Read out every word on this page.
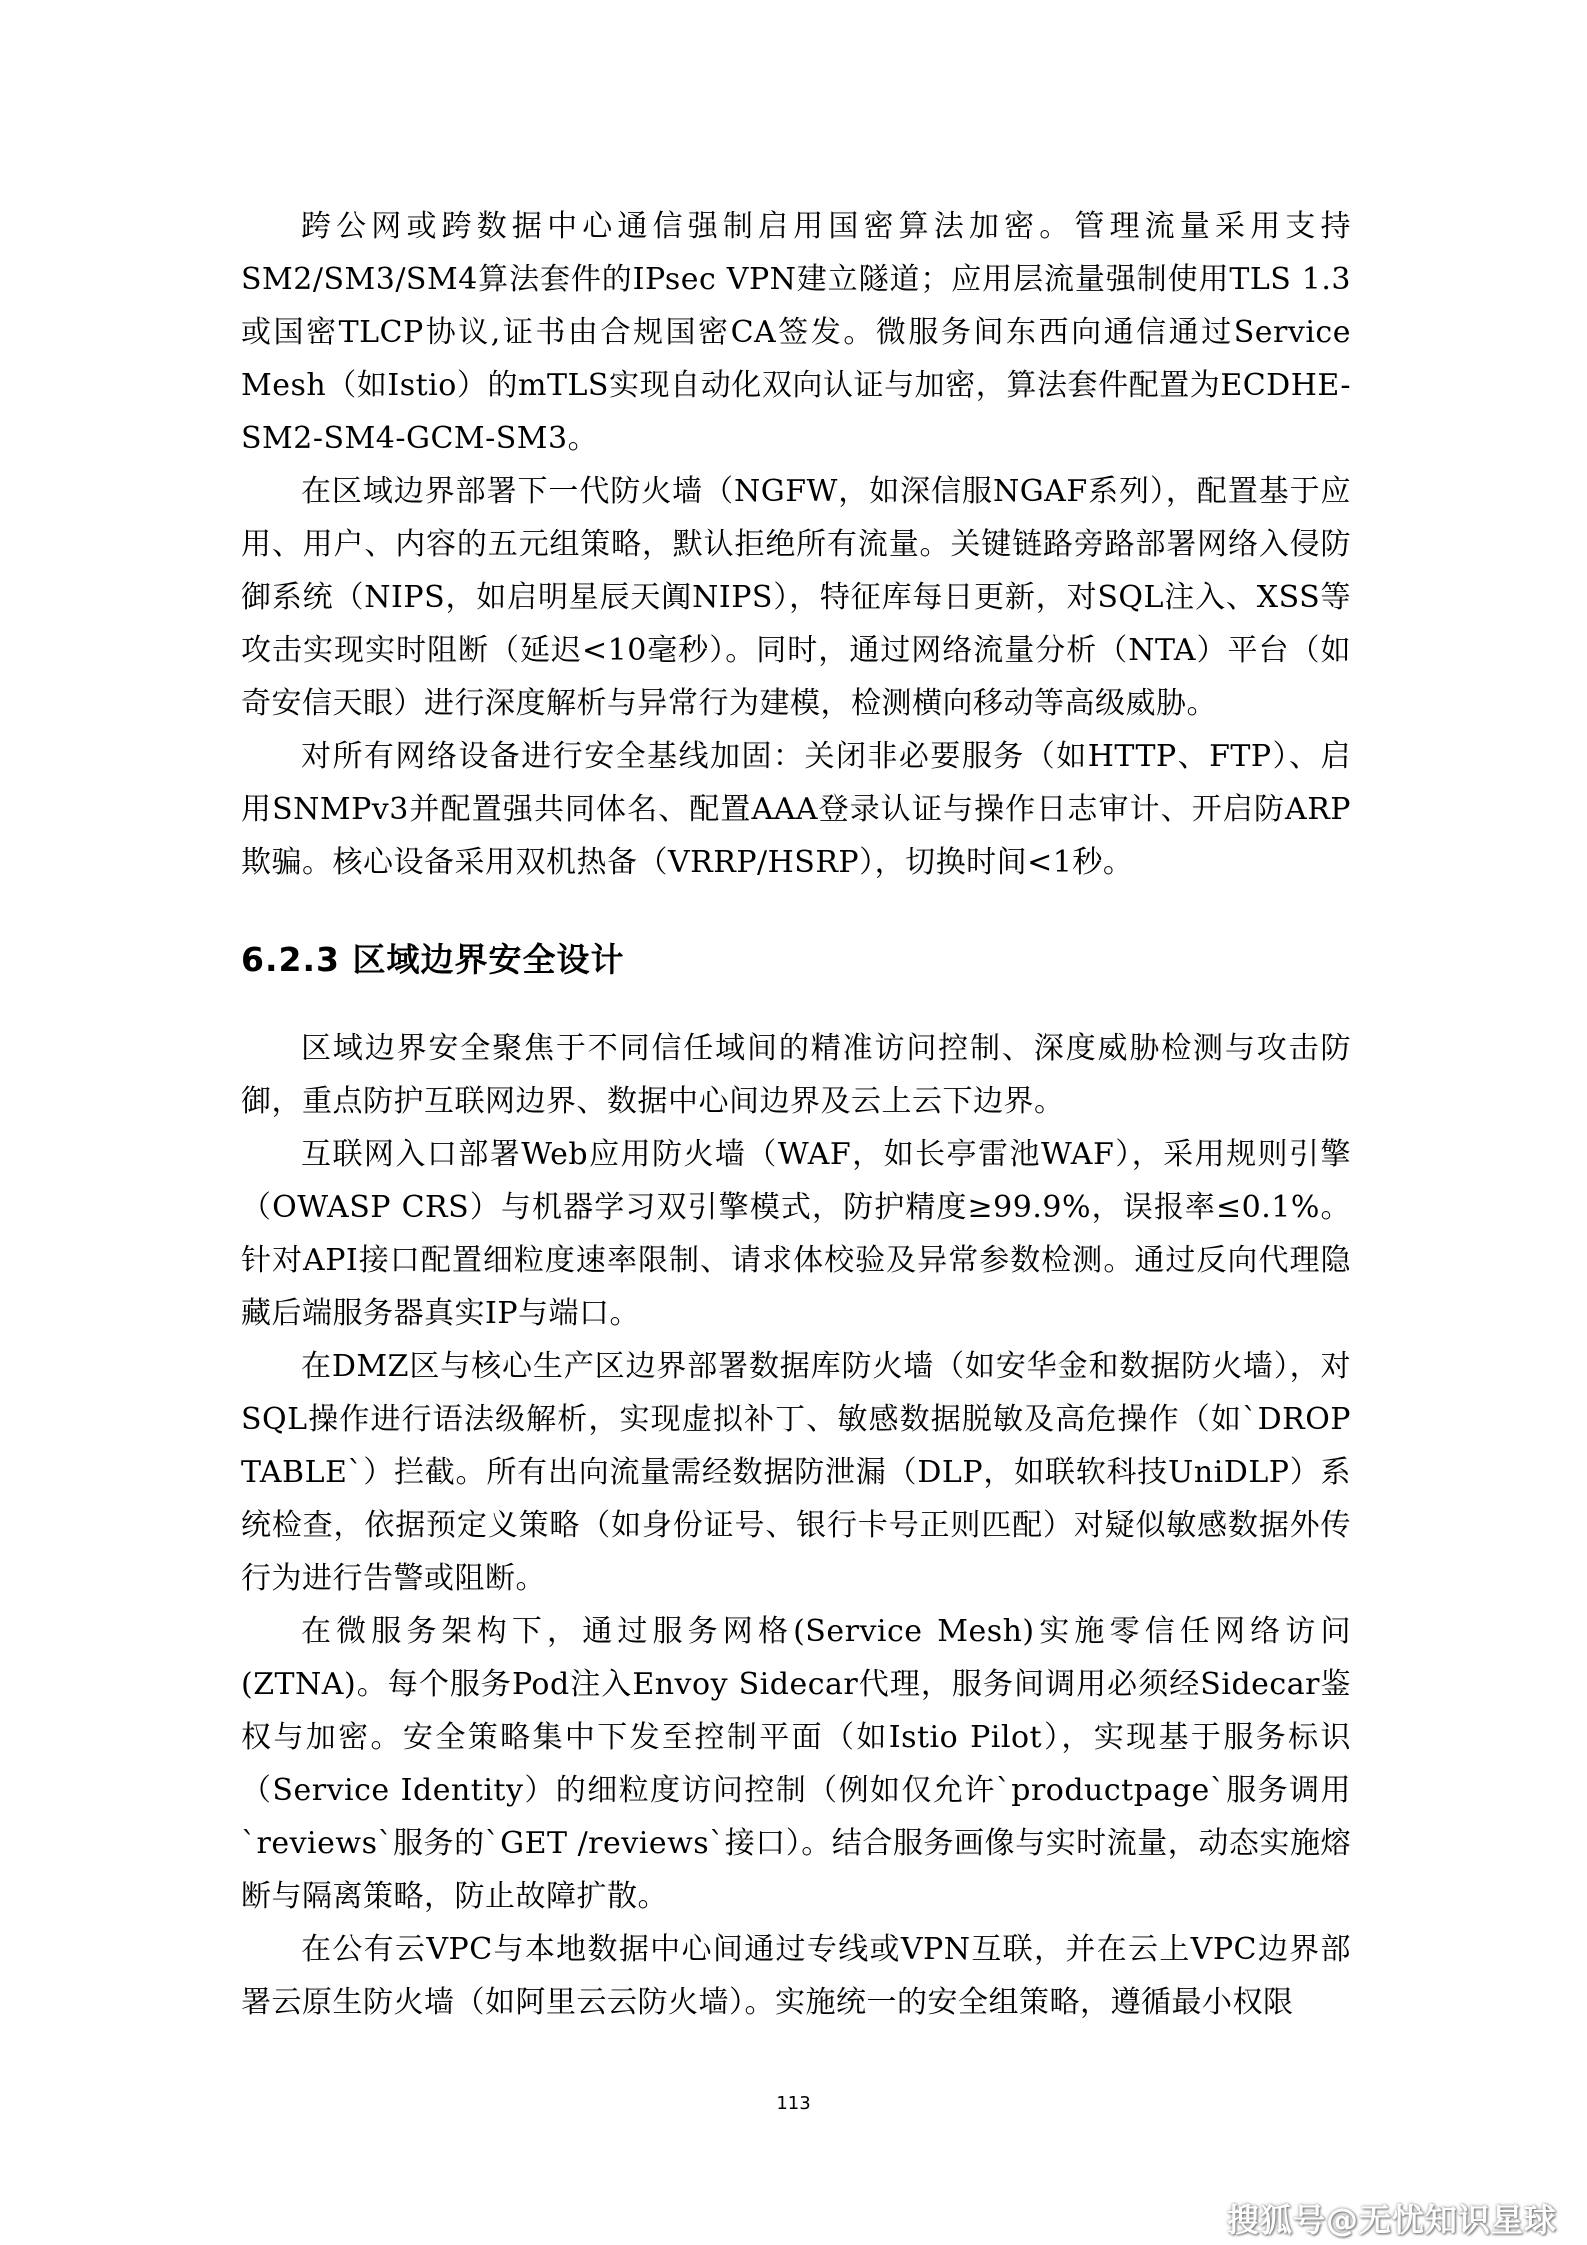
跨公网或跨数据中心通信强制启用国密算法加密。管理流量采用支持SM2/SM3/SM4算法套件的IPsec VPN建立隧道；应用层流量强制使用TLS 1.3或国密TLCP协议,证书由合规国密CA签发。微服务间东西向通信通过Service Mesh（如Istio）的mTLS实现自动化双向认证与加密，算法套件配置为ECDHE-SM2-SM4-GCM-SM3。

在区域边界部署下一代防火墙（NGFW，如深信服NGAF系列），配置基于应用、用户、内容的五元组策略，默认拒绝所有流量。关键链路旁路部署网络入侵防御系统（NIPS，如启明星辰天阗NIPS），特征库每日更新，对SQL注入、XSS等攻击实现实时阻断（延迟<10毫秒）。同时，通过网络流量分析（NTA）平台（如奇安信天眼）进行深度解析与异常行为建模，检测横向移动等高级威胁。

对所有网络设备进行安全基线加固：关闭非必要服务（如HTTP、FTP）、启用SNMPv3并配置强共同体名、配置AAA登录认证与操作日志审计、开启防ARP欺骗。核心设备采用双机热备（VRRP/HSRP），切换时间<1秒。

6.2.3 区域边界安全设计

区域边界安全聚焦于不同信任域间的精准访问控制、深度威胁检测与攻击防御，重点防护互联网边界、数据中心间边界及云上云下边界。

互联网入口部署Web应用防火墙（WAF，如长亭雷池WAF），采用规则引擎（OWASP CRS）与机器学习双引擎模式，防护精度≥99.9%，误报率≤0.1%。针对API接口配置细粒度速率限制、请求体校验及异常参数检测。通过反向代理隐藏后端服务器真实IP与端口。

在DMZ区与核心生产区边界部署数据库防火墙（如安华金和数据防火墙），对SQL操作进行语法级解析，实现虚拟补丁、敏感数据脱敏及高危操作（如`DROP TABLE`）拦截。所有出向流量需经数据防泄漏（DLP，如联软科技UniDLP）系统检查，依据预定义策略（如身份证号、银行卡号正则匹配）对疑似敏感数据外传行为进行告警或阻断。

在微服务架构下，通过服务网格(Service Mesh)实施零信任网络访问(ZTNA)。每个服务Pod注入Envoy Sidecar代理，服务间调用必须经Sidecar鉴权与加密。安全策略集中下发至控制平面（如Istio Pilot），实现基于服务标识（Service Identity）的细粒度访问控制（例如仅允许`productpage`服务调用`reviews`服务的`GET /reviews`接口）。结合服务画像与实时流量，动态实施熔断与隔离策略，防止故障扩散。

在公有云VPC与本地数据中心间通过专线或VPN互联，并在云上VPC边界部署云原生防火墙（如阿里云云防火墙）。实施统一的安全组策略，遵循最小权限

113
搜狐号@无忧知识星球
